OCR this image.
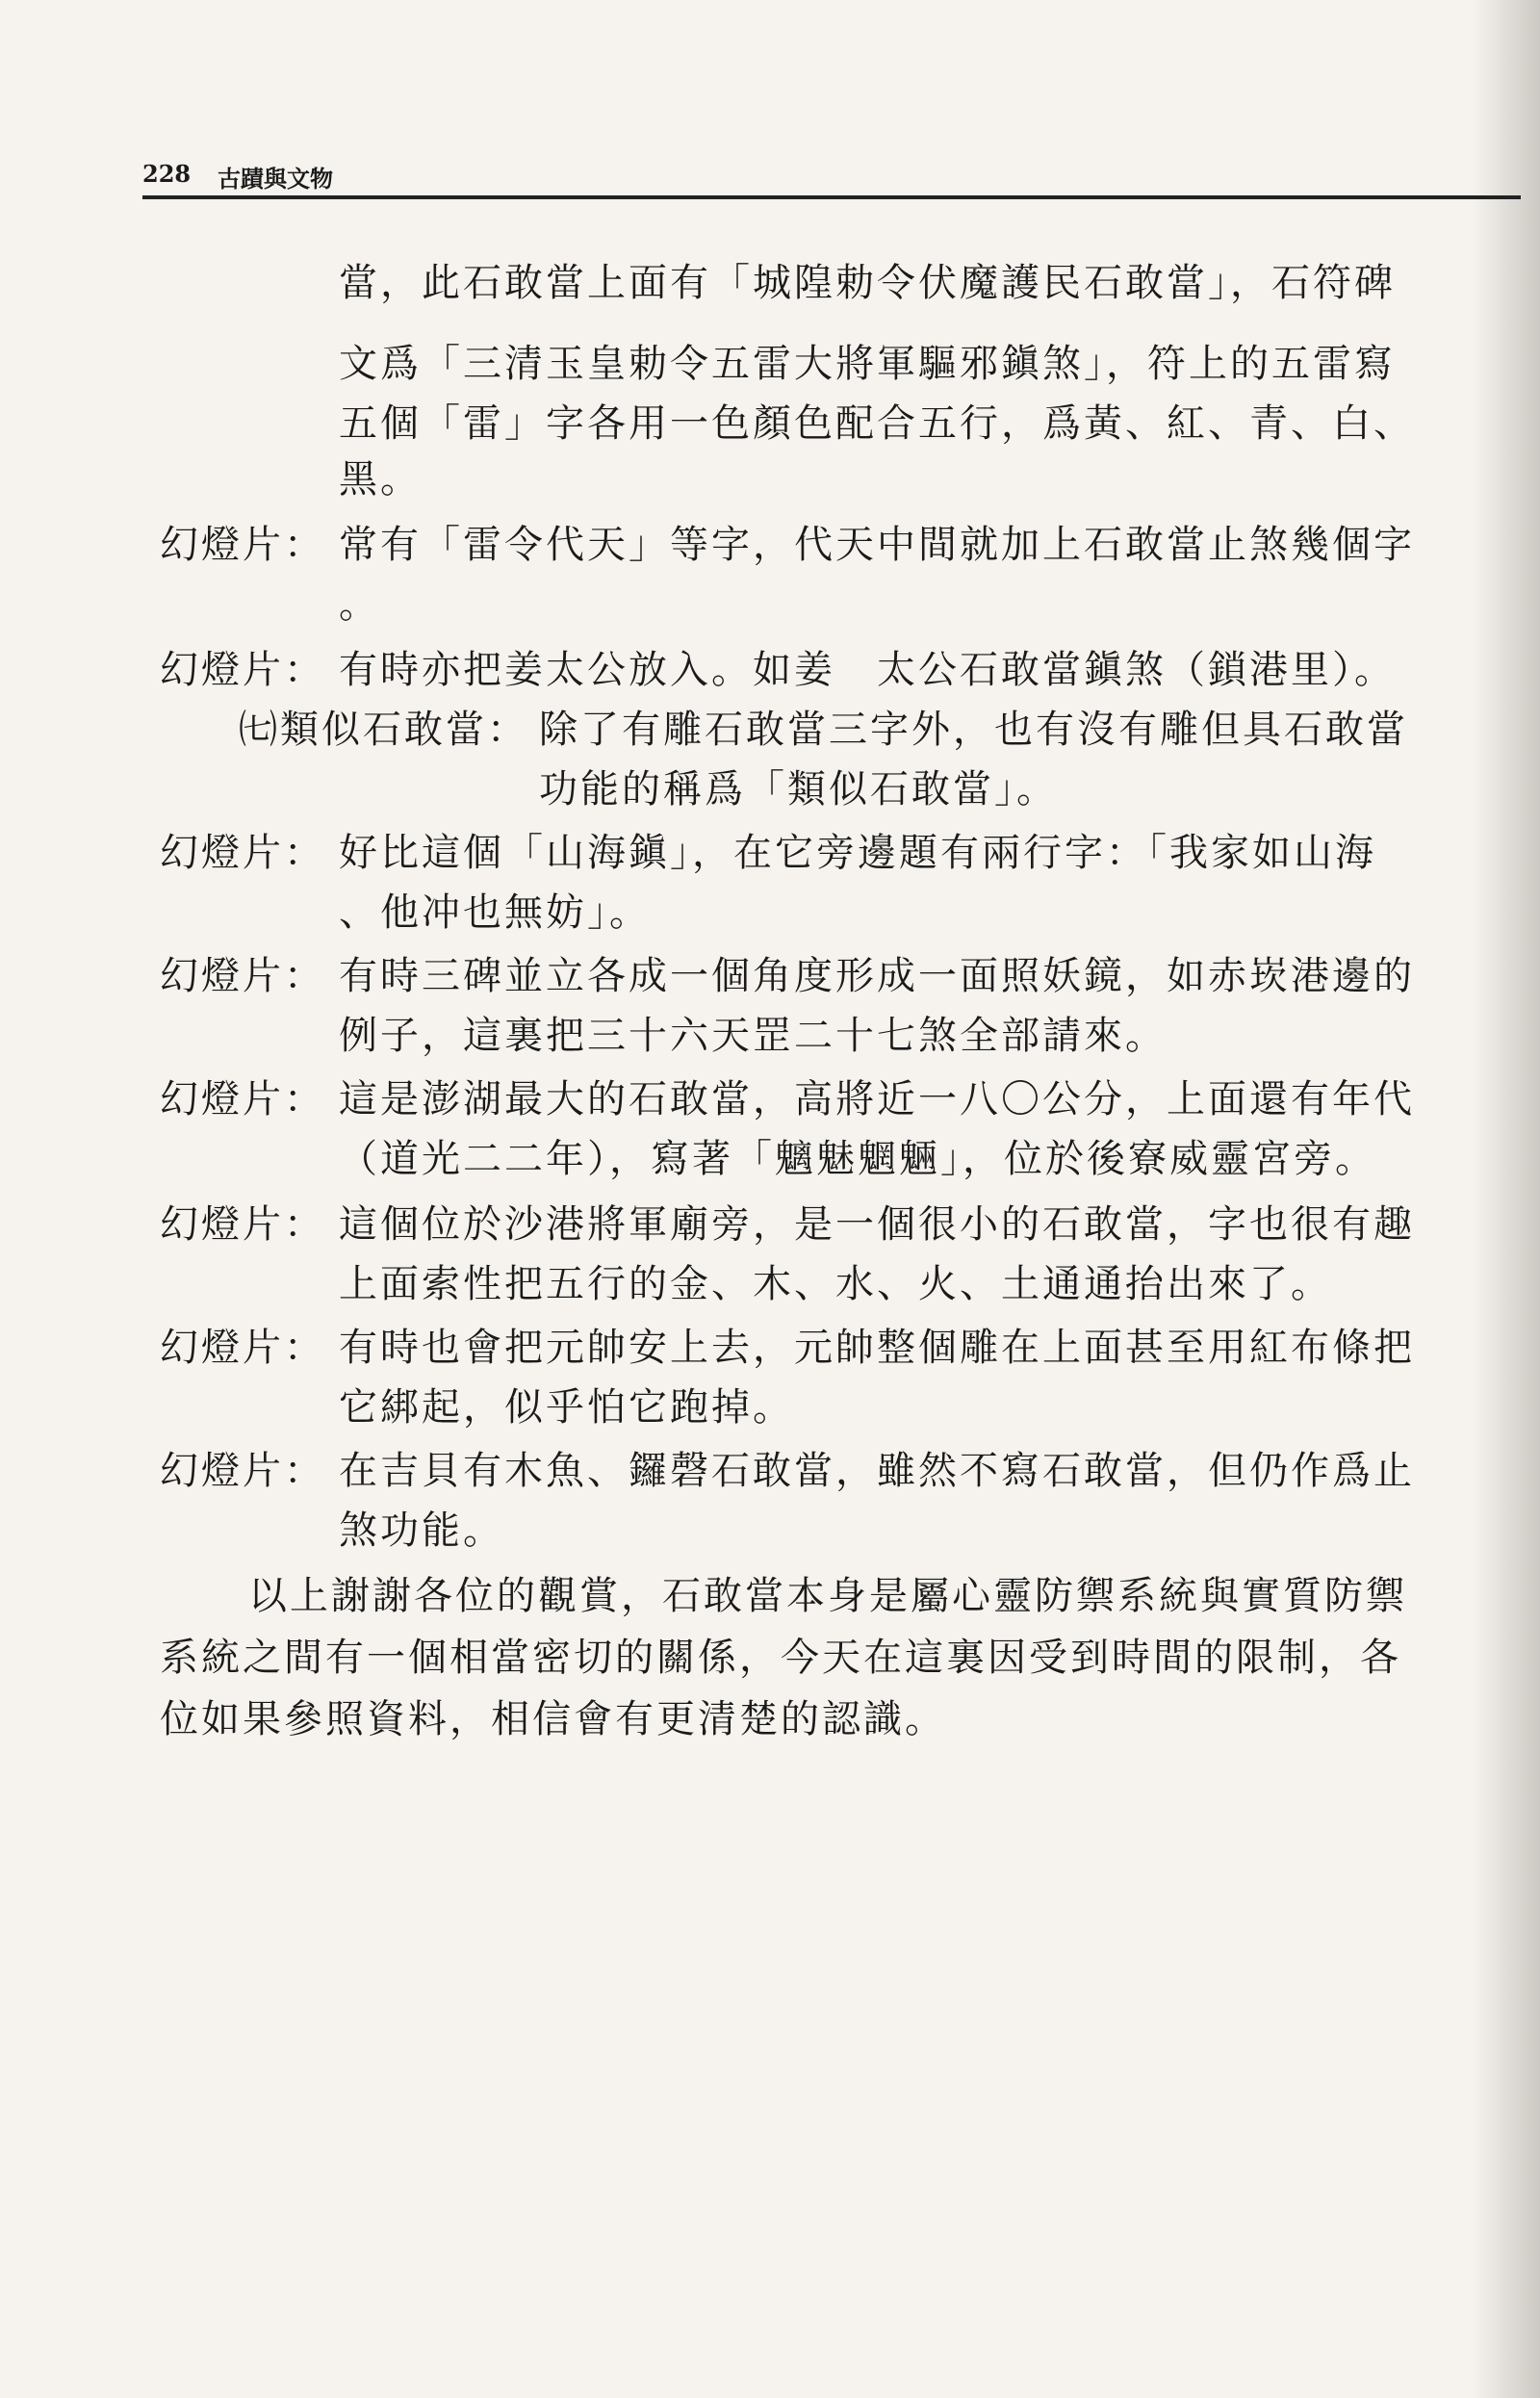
228 古蹟與文物
當，此石敢當上面有「城隍勅令伏魔護民石敢當」，石符碑
文爲「三清玉皇勅令五雷大將軍驅邪鎭煞」，符上的五雷寫
五個「雷」字各用一色顏色配合五行，爲黃、紅、青、白、
黑。
幻燈片： 常有「雷令代天」等字，代天中間就加上石敢當止煞幾個字
。
幻燈片： 有時亦把姜太公放入。如姜　太公石敢當鎭煞（鎖港里）。
㈦類似石敢當： 除了有雕石敢當三字外，也有沒有雕但具石敢當
功能的稱爲「類似石敢當」。
幻燈片： 好比這個「山海鎭」，在它旁邊題有兩行字：「我家如山海
、他冲也無妨」。
幻燈片： 有時三碑並立各成一個角度形成一面照妖鏡，如赤崁港邊的
例子，這裏把三十六天罡二十七煞全部請來。
幻燈片： 這是澎湖最大的石敢當，高將近一八〇公分，上面還有年代
（道光二二年），寫著「魑魅魍魎」，位於後寮威靈宮旁。
幻燈片： 這個位於沙港將軍廟旁，是一個很小的石敢當，字也很有趣
上面索性把五行的金、木、水、火、土通通抬出來了。
幻燈片： 有時也會把元帥安上去，元帥整個雕在上面甚至用紅布條把
它綁起，似乎怕它跑掉。
幻燈片： 在吉貝有木魚、鑼磬石敢當，雖然不寫石敢當，但仍作爲止
煞功能。
以上謝謝各位的觀賞，石敢當本身是屬心靈防禦系統與實質防禦
系統之間有一個相當密切的關係，今天在這裏因受到時間的限制，各
位如果參照資料，相信會有更清楚的認識。
